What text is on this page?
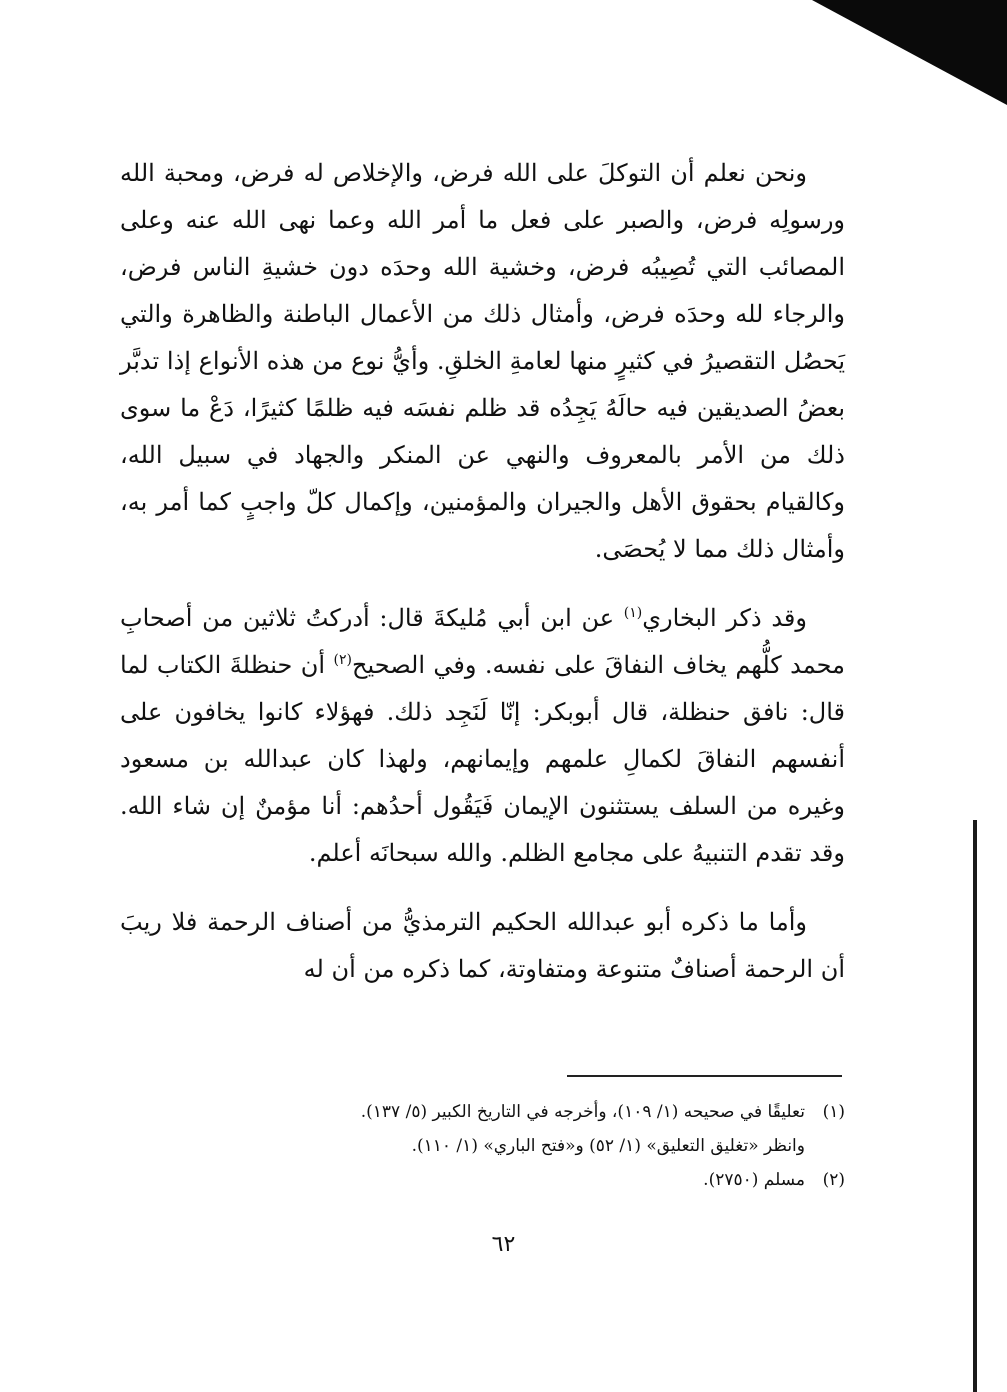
ونحن نعلم أن التوكلَ على الله فرض، والإخلاص له فرض، ومحبة الله ورسولِه فرض، والصبر على فعل ما أمر الله وعما نهى الله عنه وعلى المصائب التي تُصِيبُه فرض، وخشية الله وحدَه دون خشيةِ الناس فرض، والرجاء لله وحدَه فرض، وأمثال ذلك من الأعمال الباطنة والظاهرة والتي يَحصُل التقصيرُ في كثيرٍ منها لعامةِ الخلقِ. وأيُّ نوع من هذه الأنواع إذا تدبَّر بعضُ الصديقين فيه حالَهُ يَجِدُه قد ظلم نفسَه فيه ظلمًا كثيرًا، دَعْ ما سوى ذلك من الأمر بالمعروف والنهي عن المنكر والجهاد في سبيل الله، وكالقيام بحقوق الأهل والجيران والمؤمنين، وإكمال كلّ واجبٍ كما أمر به، وأمثال ذلك مما لا يُحصَى.

وقد ذكر البخاري$^{(١)}$ عن ابن أبي مُليكةَ قال: أدركتُ ثلاثين من أصحابِ محمد كلُّهم يخاف النفاقَ على نفسه. وفي الصحيح$^{(٢)}$ أن حنظلةَ الكتاب لما قال: نافق حنظلة، قال أبوبكر: إنّا لَنَجِد ذلك. فهؤلاء كانوا يخافون على أنفسهم النفاقَ لكمالِ علمهم وإيمانهم، ولهذا كان عبدالله بن مسعود وغيره من السلف يستثنون الإيمان فَيَقُول أحدُهم: أنا مؤمنٌ إن شاء الله. وقد تقدم التنبيهُ على مجامع الظلم. والله سبحانَه أعلم.

وأما ما ذكره أبو عبدالله الحكيم الترمذيُّ من أصناف الرحمة فلا ريبَ أن الرحمة أصنافٌ متنوعة ومتفاوتة، كما ذكره من أن له

(١)تعليقًا في صحيحه (١/ ١٠٩)، وأخرجه في التاريخ الكبير (٥/ ١٣٧).

وانظر «تغليق التعليق» (١/ ٥٢) و«فتح الباري» (١/ ١١٠).

(٢)مسلم (٢٧٥٠).

٦٢
